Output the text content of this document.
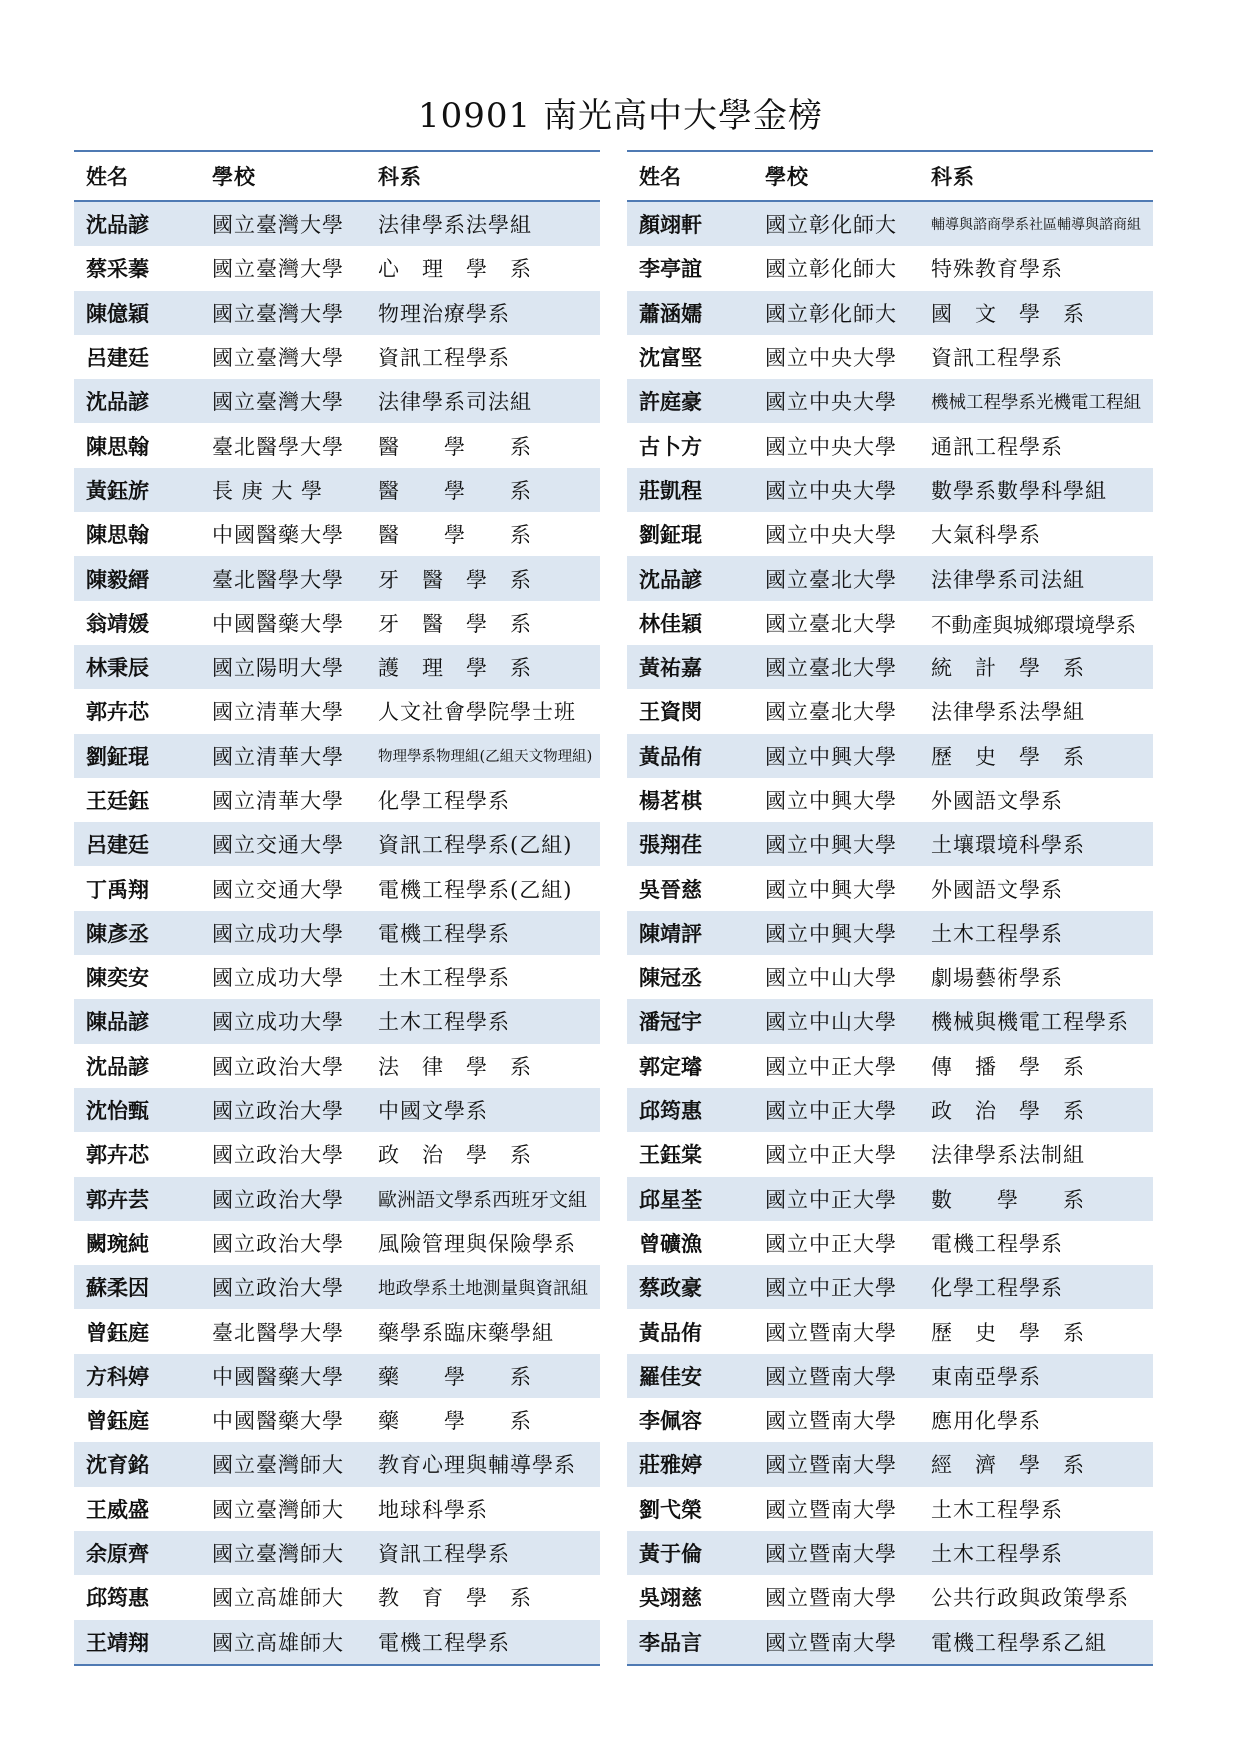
10901 南光高中大學金榜
姓名	學校	科系
沈品諺	國立臺灣大學	法律學系法學組
蔡采蓁	國立臺灣大學	心　理　學　系
陳億穎	國立臺灣大學	物理治療學系
呂建廷	國立臺灣大學	資訊工程學系
沈品諺	國立臺灣大學	法律學系司法組
陳思翰	臺北醫學大學	醫　　學　　系
黃鈺旂	長 庚 大 學	醫　　學　　系
陳思翰	中國醫藥大學	醫　　學　　系
陳毅縉	臺北醫學大學	牙　醫　學　系
翁靖媛	中國醫藥大學	牙　醫　學　系
林秉辰	國立陽明大學	護　理　學　系
郭卉芯	國立清華大學	人文社會學院學士班
劉鉦琨	國立清華大學	物理學系物理組(乙組天文物理組)
王廷鈺	國立清華大學	化學工程學系
呂建廷	國立交通大學	資訊工程學系(乙組)
丁禹翔	國立交通大學	電機工程學系(乙組)
陳彥丞	國立成功大學	電機工程學系
陳奕安	國立成功大學	土木工程學系
陳品諺	國立成功大學	土木工程學系
沈品諺	國立政治大學	法　律　學　系
沈怡甄	國立政治大學	中國文學系
郭卉芯	國立政治大學	政　治　學　系
郭卉芸	國立政治大學	歐洲語文學系西班牙文組
闕琬純	國立政治大學	風險管理與保險學系
蘇柔因	國立政治大學	地政學系土地測量與資訊組
曾鈺庭	臺北醫學大學	藥學系臨床藥學組
方科婷	中國醫藥大學	藥　　學　　系
曾鈺庭	中國醫藥大學	藥　　學　　系
沈育銘	國立臺灣師大	教育心理與輔導學系
王威盛	國立臺灣師大	地球科學系
余原齊	國立臺灣師大	資訊工程學系
邱筠惠	國立高雄師大	教　育　學　系
王靖翔	國立高雄師大	電機工程學系
姓名	學校	科系
顏翊軒	國立彰化師大	輔導與諮商學系社區輔導與諮商組
李亭誼	國立彰化師大	特殊教育學系
蕭涵嬬	國立彰化師大	國　文　學　系
沈富堅	國立中央大學	資訊工程學系
許庭豪	國立中央大學	機械工程學系光機電工程組
古卜方	國立中央大學	通訊工程學系
莊凱程	國立中央大學	數學系數學科學組
劉鉦琨	國立中央大學	大氣科學系
沈品諺	國立臺北大學	法律學系司法組
林佳穎	國立臺北大學	不動產與城鄉環境學系
黃祐嘉	國立臺北大學	統　計　學　系
王資閔	國立臺北大學	法律學系法學組
黃品侑	國立中興大學	歷　史　學　系
楊茗棋	國立中興大學	外國語文學系
張翔荏	國立中興大學	土壤環境科學系
吳晉慈	國立中興大學	外國語文學系
陳靖評	國立中興大學	土木工程學系
陳冠丞	國立中山大學	劇場藝術學系
潘冠宇	國立中山大學	機械與機電工程學系
郭定璿	國立中正大學	傳　播　學　系
邱筠惠	國立中正大學	政　治　學　系
王鈺棠	國立中正大學	法律學系法制組
邱星荃	國立中正大學	數　　學　　系
曾礦漁	國立中正大學	電機工程學系
蔡政豪	國立中正大學	化學工程學系
黃品侑	國立暨南大學	歷　史　學　系
羅佳安	國立暨南大學	東南亞學系
李佩容	國立暨南大學	應用化學系
莊雅婷	國立暨南大學	經　濟　學　系
劉弋榮	國立暨南大學	土木工程學系
黃于倫	國立暨南大學	土木工程學系
吳翊慈	國立暨南大學	公共行政與政策學系
李品言	國立暨南大學	電機工程學系乙組
